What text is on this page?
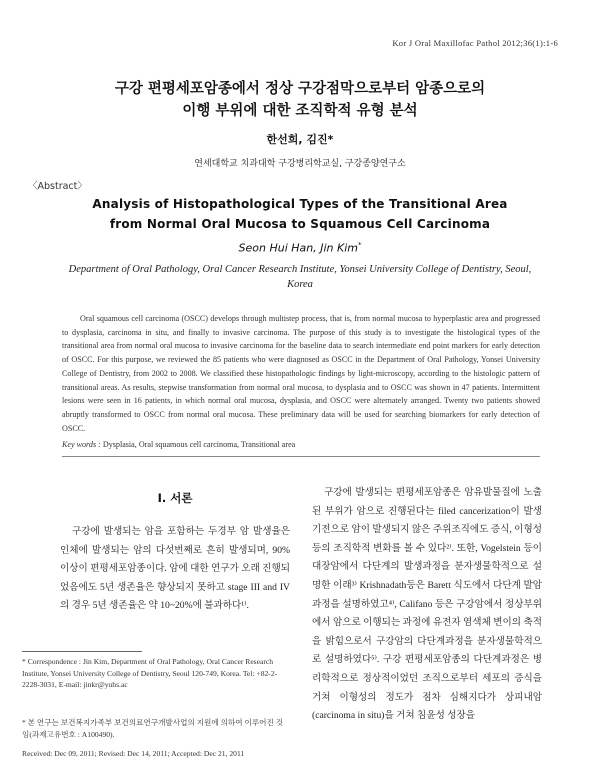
Kor J Oral Maxillofac Pathol 2012;36(1):1-6
구강 편평세포암종에서 정상 구강점막으로부터 암종으로의
이행 부위에 대한 조직학적 유형 분석
한선희, 김진*
연세대학교 치과대학 구강병리학교실, 구강종양연구소
〈Abstract〉
Analysis of Histopathological Types of the Transitional Area
from Normal Oral Mucosa to Squamous Cell Carcinoma
Seon Hui Han, Jin Kim*
Department of Oral Pathology, Oral Cancer Research Institute, Yonsei University College of Dentistry, Seoul, Korea
Oral squamous cell carcinoma (OSCC) develops through multistep process, that is, from normal mucosa to hyperplastic area and progressed to dysplasia, carcinoma in situ, and finally to invasive carcinoma. The purpose of this study is to investigate the histological types of the transitional area from normal oral mucosa to invasive carcinoma for the baseline data to search intermediate end point markers for early detection of OSCC. For this purpose, we reviewed the 85 patients who were diagnosed as OSCC in the Department of Oral Pathology, Yonsei University College of Dentistry, from 2002 to 2008. We classified these histopathologic findings by light-microscopy, according to the histologic pattern of transitional areas. As results, stepwise transformation from normal oral mucosa, to dysplasia and to OSCC was shown in 47 patients. Intermittent lesions were seen in 16 patients, in which normal oral mucosa, dysplasia, and OSCC were alternately arranged. Twenty two patients showed abruptly transformed to OSCC from normal oral mucosa. These preliminary data will be used for searching biomarkers for early detection of OSCC.
Key words : Dysplasia, Oral squamous cell carcinoma, Transitional area
Ⅰ. 서론
구강에 발생되는 암을 포함하는 두경부 암 발생율은 인체에 발생되는 암의 다섯번째로 흔히 발생되며, 90% 이상이 편평세포암종이다. 암에 대한 연구가 오래 진행되었음에도 5년 생존율은 향상되지 못하고 stage III and IV의 경우 5년 생존율은 약 10~20%에 불과하다¹⁾.
구강에 발생되는 편평세포암종은 암유발물질에 노출된 부위가 암으로 진행된다는 filed cancerization이 발생기전으로 암이 발생되지 않은 주위조직에도 증식, 이형성 등의 조직학적 변화를 볼 수 있다²⁾. 또한, Vogelstein 등이 대장암에서 다단계의 발생과정을 분자생물학적으로 설명한 이래³⁾ Krishnadath등은 Barett 식도에서 다단계 발암과정을 설명하였고⁴⁾, Califano 등은 구강암에서 정상부위에서 암으로 이행되는 과정에 유전자 염색체 변이의 축적을 밝힘으로서 구강암의 다단계과정을 분자생물학적으로 설명하였다⁵⁾. 구강 편평세포암종의 다단계과정은 병리학적으로 정상적이었던 조직으로부터 세포의 증식을 거쳐 이형성의 정도가 점차 심해지다가 상피내암(carcinoma in situ)을 거쳐 침윤성 성장을
* Correspondence : Jin Kim, Department of Oral Pathology, Oral Cancer Research Institute, Yonsei University College of Dentistry, Seoul 120-749, Korea. Tel: +82-2-2228-3031, E-mail: jinkr@yuhs.ac
* 본 연구는 보건복지가족부 보건의료연구개발사업의 지원에 의하여 이루어진 것임(과제고유번호 : A100490).
Received: Dec 09, 2011; Revised: Dec 14, 2011; Accepted: Dec 21, 2011
